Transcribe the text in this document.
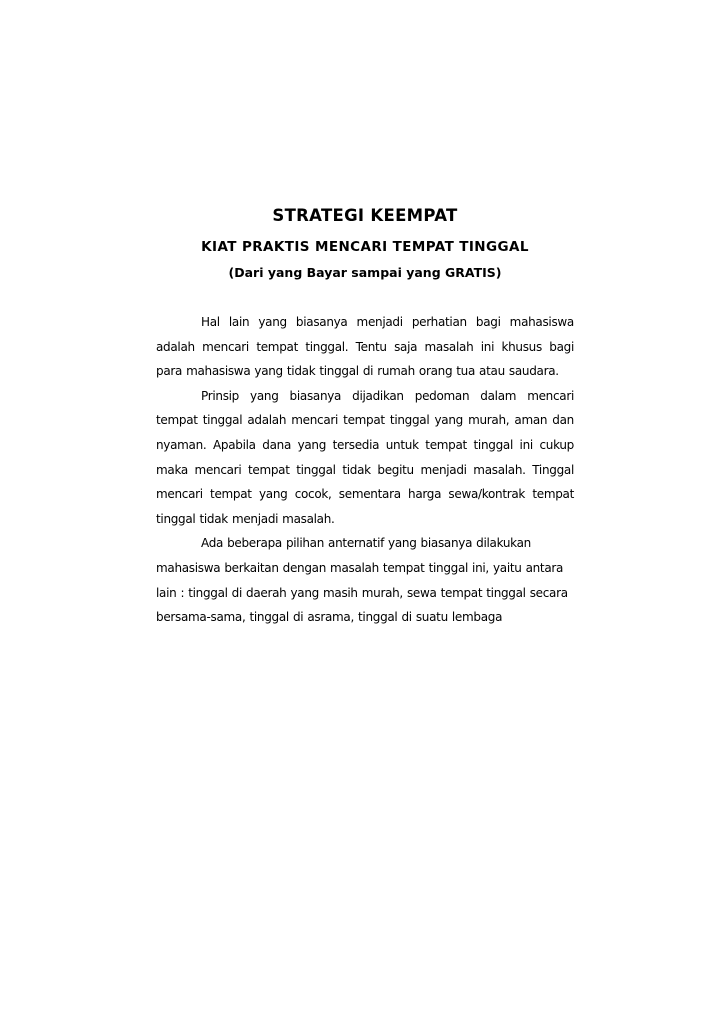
STRATEGI KEEMPAT
KIAT PRAKTIS MENCARI TEMPAT TINGGAL
(Dari yang Bayar sampai yang GRATIS)

Hal lain yang biasanya menjadi perhatian bagi mahasiswa adalah mencari tempat tinggal. Tentu saja masalah ini khusus bagi para mahasiswa yang tidak tinggal di rumah orang tua atau saudara.

Prinsip yang biasanya dijadikan pedoman dalam mencari tempat tinggal adalah mencari tempat tinggal yang murah, aman dan nyaman. Apabila dana yang tersedia untuk tempat tinggal ini cukup maka mencari tempat tinggal tidak begitu menjadi masalah. Tinggal mencari tempat yang cocok, sementara harga sewa/kontrak tempat tinggal tidak menjadi masalah.

Ada beberapa pilihan anternatif yang biasanya dilakukan mahasiswa berkaitan dengan masalah tempat tinggal ini, yaitu antara lain : tinggal di daerah yang masih murah, sewa tempat tinggal secara bersama-sama, tinggal di asrama, tinggal di suatu lembaga
